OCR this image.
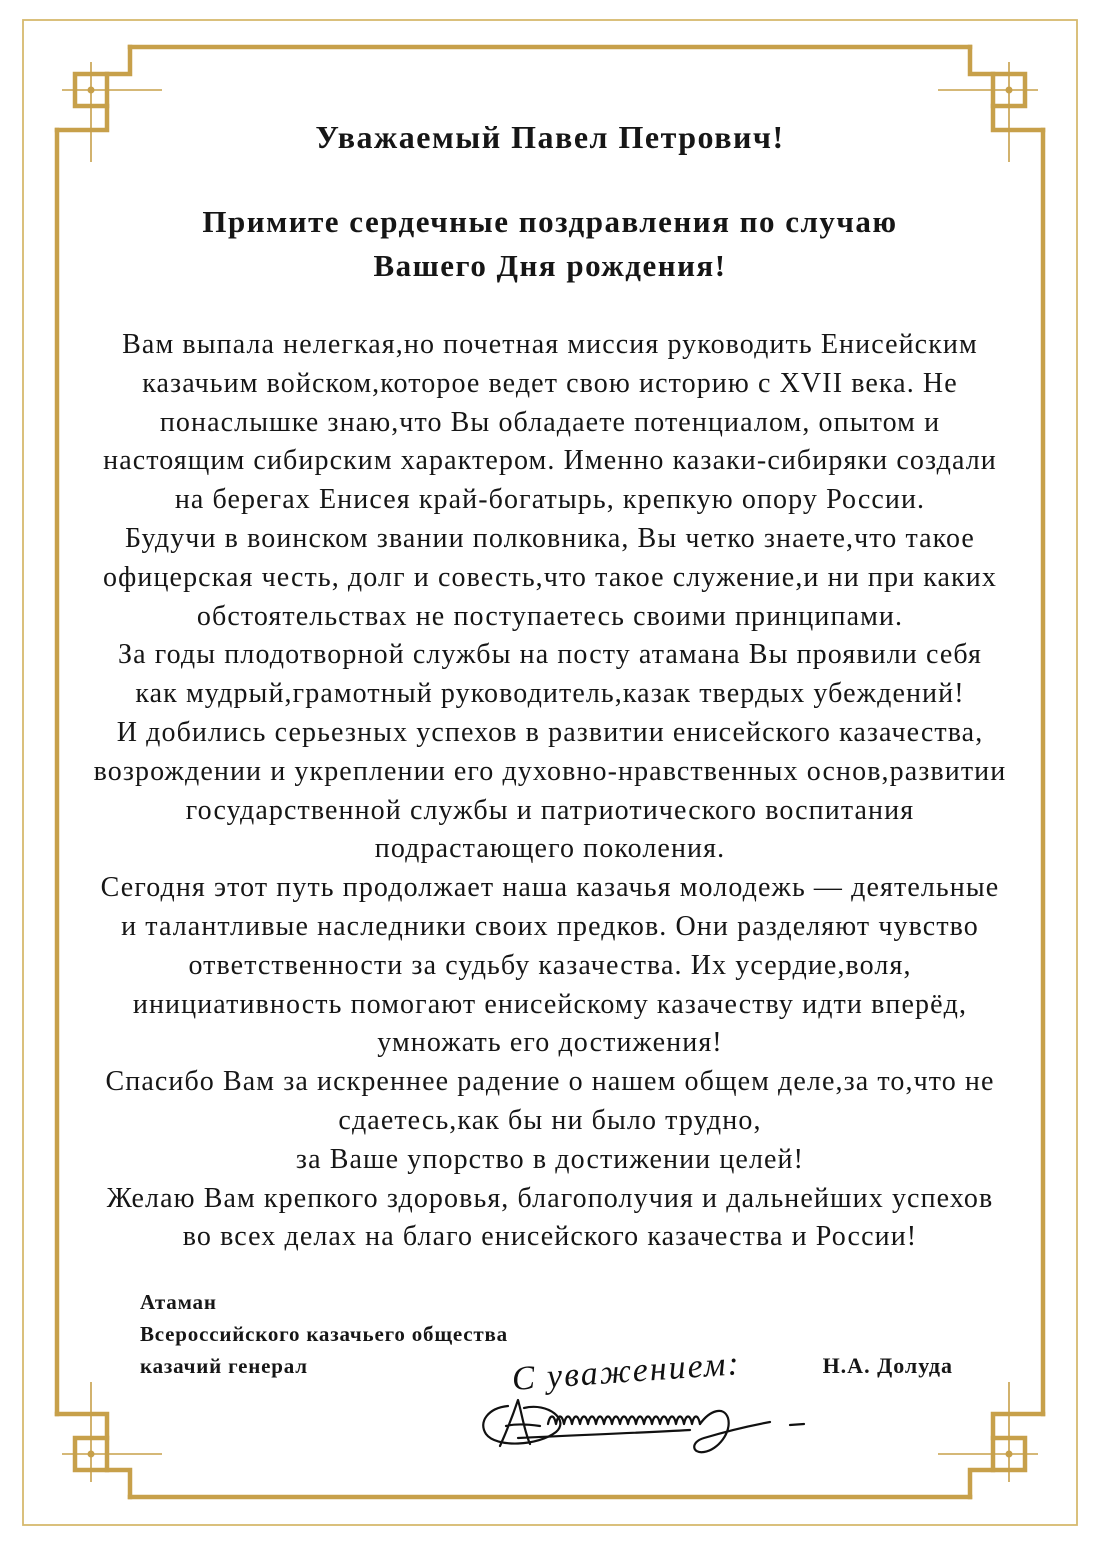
Уважаемый Павел Петрович!
Примите сердечные поздравления по случаю
Вашего Дня рождения!
Вам выпала нелегкая,но почетная миссия руководить Енисейским
казачьим войском,которое ведет свою историю с XVII века. Не
понаслышке знаю,что Вы обладаете потенциалом, опытом и
настоящим сибирским характером. Именно казаки-сибиряки создали
на берегах Енисея край-богатырь, крепкую опору России.
Будучи в воинском звании полковника, Вы четко знаете,что такое
офицерская честь, долг и совесть,что такое служение,и ни при каких
обстоятельствах не поступаетесь своими принципами.
За годы плодотворной службы на посту атамана Вы проявили себя
как мудрый,грамотный руководитель,казак твердых убеждений!
И добились серьезных успехов в развитии енисейского казачества,
возрождении и укреплении его духовно-нравственных основ,развитии
государственной службы и патриотического воспитания
подрастающего поколения.
Сегодня этот путь продолжает наша казачья молодежь — деятельные
и талантливые наследники своих предков. Они разделяют чувство
ответственности за судьбу казачества. Их усердие,воля,
инициативность помогают енисейскому казачеству идти вперёд,
умножать его достижения!
Спасибо Вам за искреннее радение о нашем общем деле,за то,что не
сдаетесь,как бы ни было трудно,
за Ваше упорство в достижении целей!
Желаю Вам крепкого здоровья, благополучия и дальнейших успехов
во всех делах на благо енисейского казачества и России!
Атаман
Всероссийского казачьего общества
казачий генерал	Н.А. Долуда
С уважением:
